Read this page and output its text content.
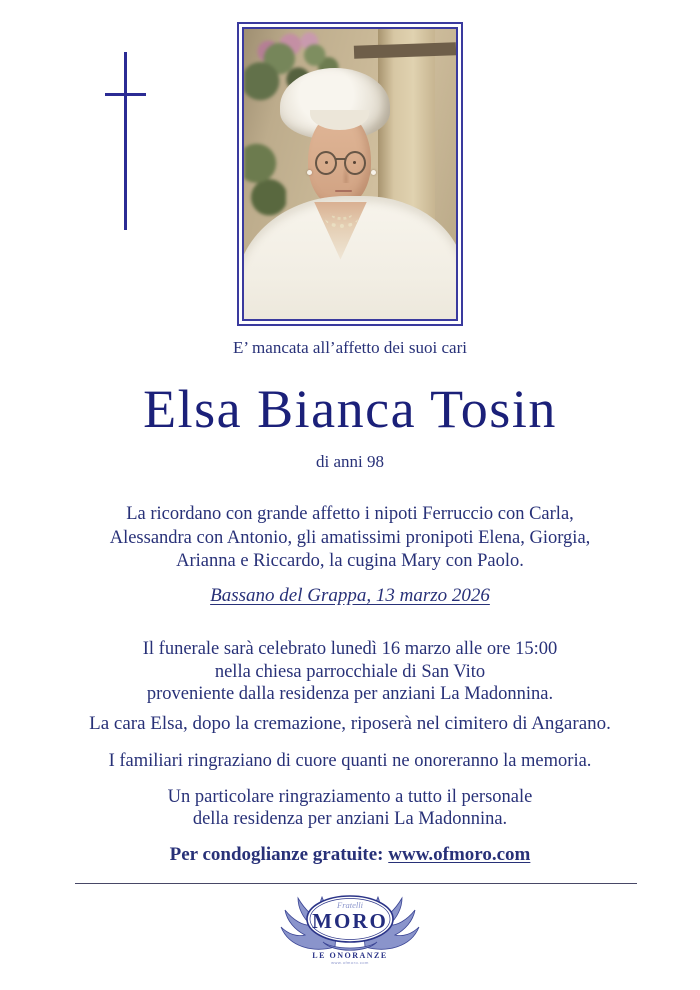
E’ mancata all’affetto dei suoi cari
Elsa Bianca Tosin
di anni 98
La ricordano con grande affetto i nipoti Ferruccio con Carla,
Alessandra con Antonio, gli amatissimi pronipoti Elena, Giorgia,
Arianna e Riccardo, la cugina Mary con Paolo.
Bassano del Grappa, 13 marzo 2026
Il funerale sarà celebrato lunedì 16 marzo alle ore 15:00
nella chiesa parrocchiale di San Vito
proveniente dalla residenza per anziani La Madonnina.
La cara Elsa, dopo la cremazione, riposerà nel cimitero di Angarano.
I familiari ringraziano di cuore quanti ne onoreranno la memoria.
Un particolare ringraziamento a tutto il personale
della residenza per anziani La Madonnina.
Per condoglianze gratuite: www.ofmoro.com
Fratelli
MORO
LE ONORANZE
www.ofmoro.com
